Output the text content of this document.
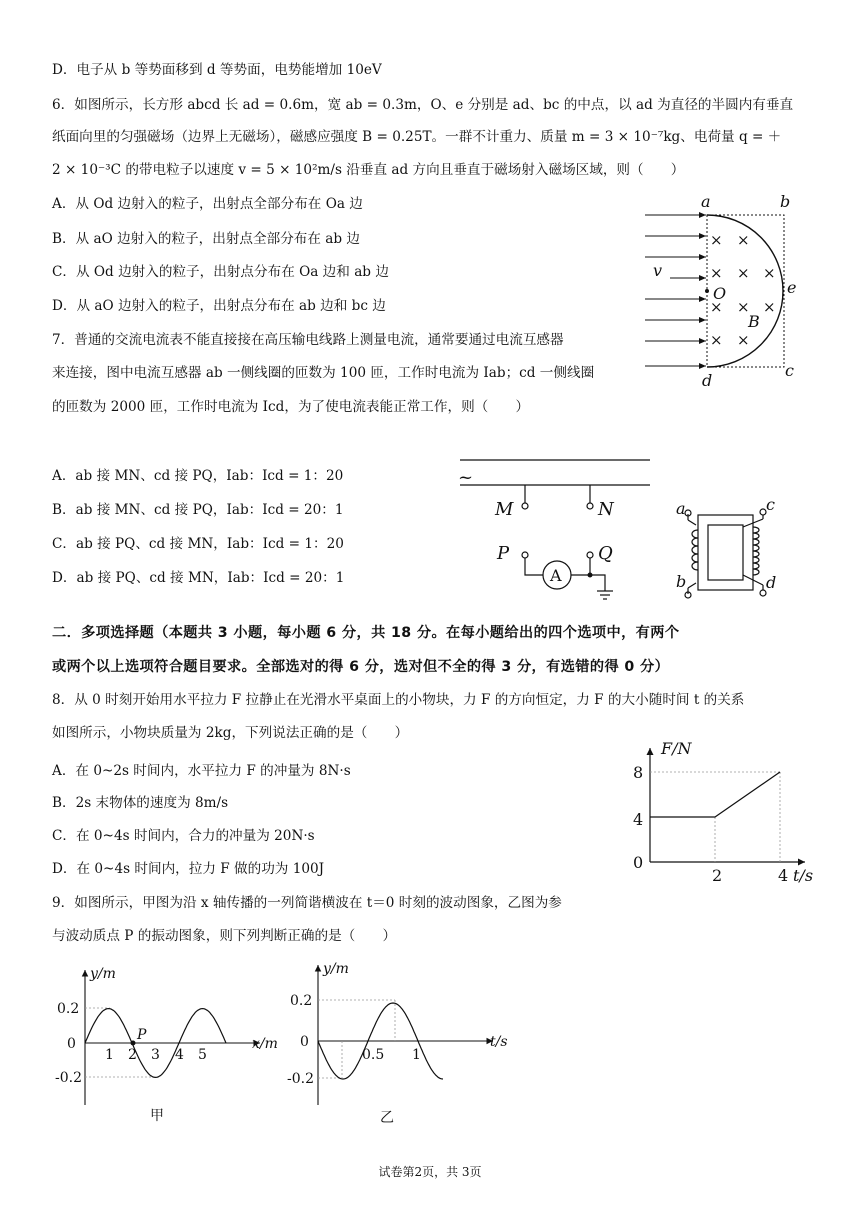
D．电子从 b 等势面移到 d 等势面，电势能增加 10eV
6．如图所示，长方形 abcd 长 ad = 0.6m，宽 ab = 0.3m，O、e 分别是 ad、bc 的中点，以 ad 为直径的半圆内有垂直
纸面向里的匀强磁场（边界上无磁场），磁感应强度 B = 0.25T。一群不计重力、质量 m = 3 × 10⁻⁷kg、电荷量 q = ＋
2 × 10⁻³C 的带电粒子以速度 v = 5 × 10²m/s 沿垂直 ad 方向且垂直于磁场射入磁场区域，则（　　）
A．从 Od 边射入的粒子，出射点全部分布在 Oa 边
B．从 aO 边射入的粒子，出射点全部分布在 ab 边
C．从 Od 边射入的粒子，出射点分布在 Oa 边和 ab 边
D．从 aO 边射入的粒子，出射点分布在 ab 边和 bc 边
× ×
× × ×
× × ×
× ×
a	b
v
O	e
B
d
c
7．普通的交流电流表不能直接接在高压输电线路上测量电流，通常要通过电流互感器
来连接，图中电流互感器 ab 一侧线圈的匝数为 100 匝，工作时电流为 Iab；cd 一侧线圈
的匝数为 2000 匝，工作时电流为 Icd，为了使电流表能正常工作，则（　　）
A．ab 接 MN、cd 接 PQ，Iab：Icd = 1：20
B．ab 接 MN、cd 接 PQ，Iab：Icd = 20：1
C．ab 接 PQ、cd 接 MN，Iab：Icd = 1：20
D．ab 接 PQ、cd 接 MN，Iab：Icd = 20：1
~
M	N
P	Q
a
b
c
d
A
二．多项选择题（本题共 3 小题，每小题 6 分，共 18 分。在每小题给出的四个选项中，有两个
或两个以上选项符合题目要求。全部选对的得 6 分，选对但不全的得 3 分，有选错的得 0 分）
8．从 0 时刻开始用水平拉力 F 拉静止在光滑水平桌面上的小物块，力 F 的方向恒定，力 F 的大小随时间 t 的关系
如图所示，小物块质量为 2kg，下列说法正确的是（　　）
A．在 0~2s 时间内，水平拉力 F 的冲量为 8N·s
B．2s 末物体的速度为 8m/s
C．在 0~4s 时间内，合力的冲量为 20N·s
D．在 0~4s 时间内，拉力 F 做的功为 100J
F/N
8
4
0
2	4 t/s
9．如图所示，甲图为沿 x 轴传播的一列简谐横波在 t＝0 时刻的波动图象，乙图为参
与波动质点 P 的振动图象，则下列判断正确的是（　　）
y/m
0.2
0
-0.2
1 2 3 4 5
x/m
P
甲
y/m
0.2
0
-0.2
0.5 1
t/s
乙
试卷第2页，共 3页
